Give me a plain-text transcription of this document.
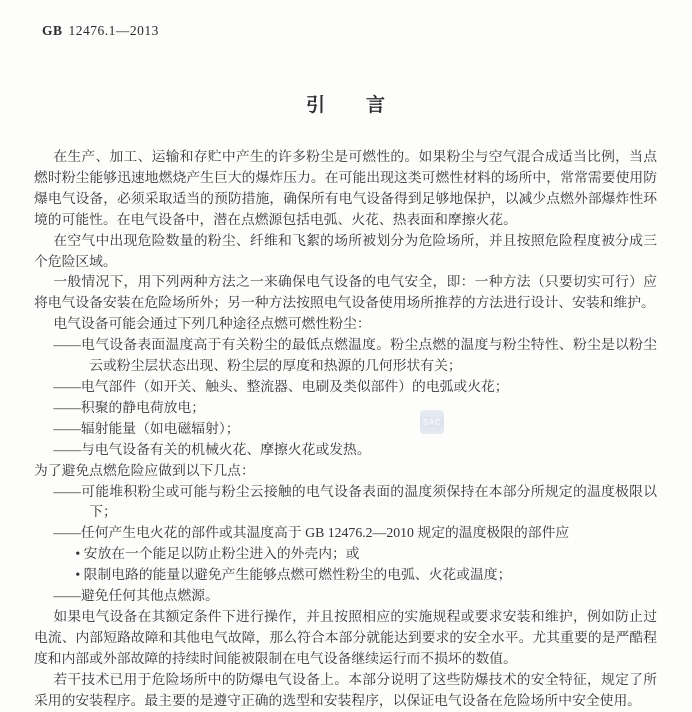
GB 12476.1—2013
引　　言
在生产、加工、运输和存贮中产生的许多粉尘是可燃性的。如果粉尘与空气混合成适当比例，当点燃时粉尘能够迅速地燃烧产生巨大的爆炸压力。在可能出现这类可燃性材料的场所中，常常需要使用防爆电气设备，必须采取适当的预防措施，确保所有电气设备得到足够地保护，以减少点燃外部爆炸性环境的可能性。在电气设备中，潜在点燃源包括电弧、火花、热表面和摩擦火花。
在空气中出现危险数量的粉尘、纤维和飞絮的场所被划分为危险场所，并且按照危险程度被分成三个危险区域。
一般情况下，用下列两种方法之一来确保电气设备的电气安全，即：一种方法（只要切实可行）应将电气设备安装在危险场所外；另一种方法按照电气设备使用场所推荐的方法进行设计、安装和维护。
电气设备可能会通过下列几种途径点燃可燃性粉尘：
——电气设备表面温度高于有关粉尘的最低点燃温度。粉尘点燃的温度与粉尘特性、粉尘是以粉尘云或粉尘层状态出现、粉尘层的厚度和热源的几何形状有关；
——电气部件（如开关、触头、整流器、电刷及类似部件）的电弧或火花；
——积聚的静电荷放电；
——辐射能量（如电磁辐射）；
——与电气设备有关的机械火花、摩擦火花或发热。
为了避免点燃危险应做到以下几点：
——可能堆积粉尘或可能与粉尘云接触的电气设备表面的温度须保持在本部分所规定的温度极限以下；
——任何产生电火花的部件或其温度高于 GB 12476.2—2010 规定的温度极限的部件应
• 安放在一个能足以防止粉尘进入的外壳内；或
• 限制电路的能量以避免产生能够点燃可燃性粉尘的电弧、火花或温度；
——避免任何其他点燃源。
如果电气设备在其额定条件下进行操作，并且按照相应的实施规程或要求安装和维护，例如防止过电流、内部短路故障和其他电气故障，那么符合本部分就能达到要求的安全水平。尤其重要的是严酷程度和内部或外部故障的持续时间能被限制在电气设备继续运行而不损坏的数值。
若干技术已用于危险场所中的防爆电气设备上。本部分说明了这些防爆技术的安全特征，规定了所采用的安装程序。最主要的是遵守正确的选型和安装程序，以保证电气设备在危险场所中安全使用。
SAC
